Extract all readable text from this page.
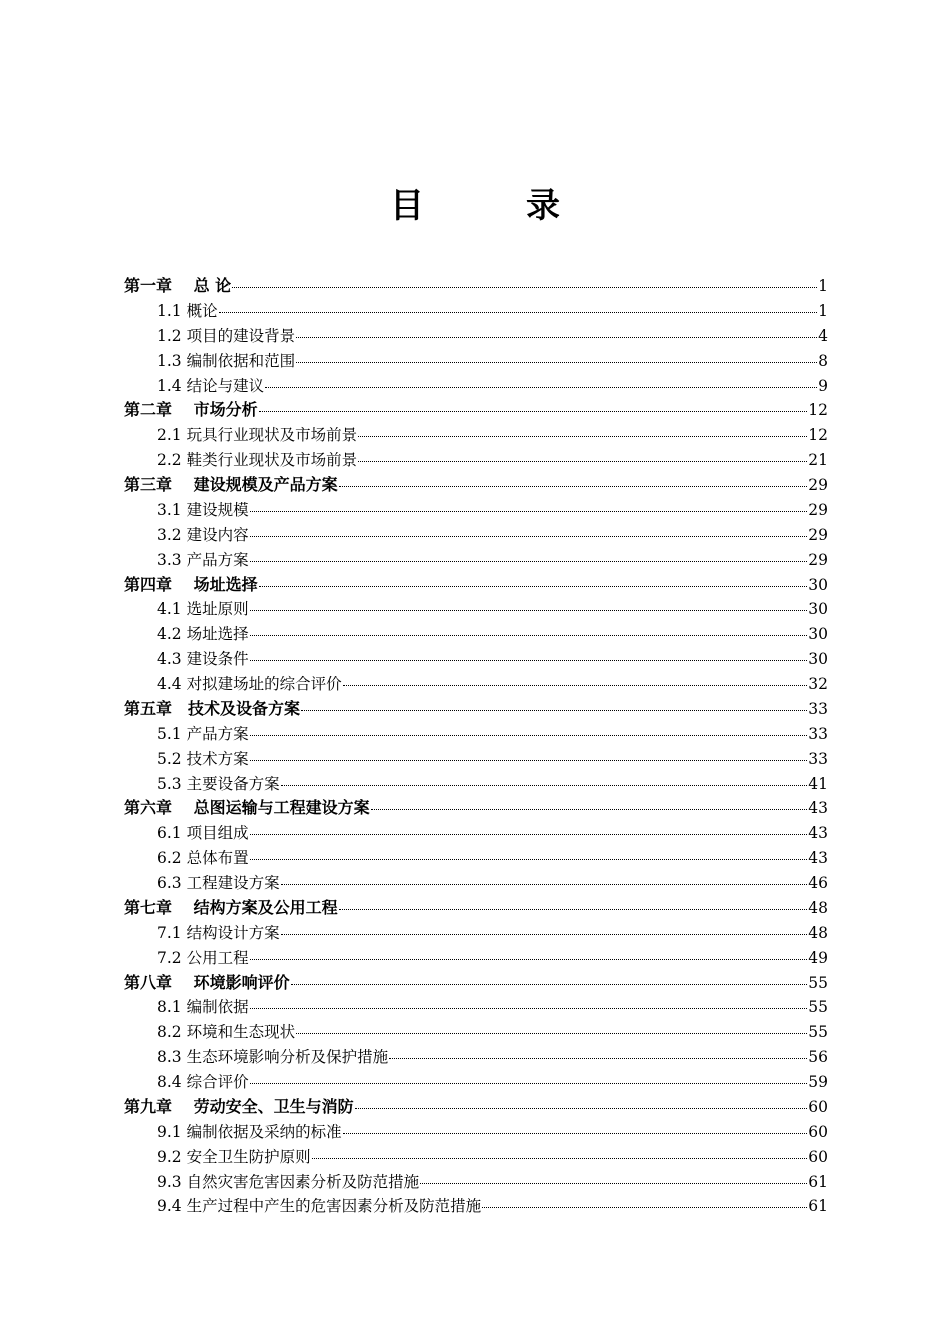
目　录
第一章　 总 论	1
1.1 概论	1
1.2 项目的建设背景	4
1.3 编制依据和范围	8
1.4 结论与建议	9
第二章　 市场分析	12
2.1 玩具行业现状及市场前景	12
2.2 鞋类行业现状及市场前景	21
第三章　 建设规模及产品方案	29
3.1 建设规模	29
3.2 建设内容	29
3.3 产品方案	29
第四章　 场址选择	30
4.1 选址原则	30
4.2 场址选择	30
4.3 建设条件	30
4.4 对拟建场址的综合评价	32
第五章　技术及设备方案	33
5.1 产品方案	33
5.2 技术方案	33
5.3 主要设备方案	41
第六章　 总图运输与工程建设方案	43
6.1 项目组成	43
6.2 总体布置	43
6.3 工程建设方案	46
第七章　 结构方案及公用工程	48
7.1 结构设计方案	48
7.2 公用工程	49
第八章　 环境影响评价	55
8.1 编制依据	55
8.2 环境和生态现状	55
8.3 生态环境影响分析及保护措施	56
8.4 综合评价	59
第九章　 劳动安全、卫生与消防	60
9.1 编制依据及采纳的标准	60
9.2 安全卫生防护原则	60
9.3 自然灾害危害因素分析及防范措施	61
9.4 生产过程中产生的危害因素分析及防范措施	61
